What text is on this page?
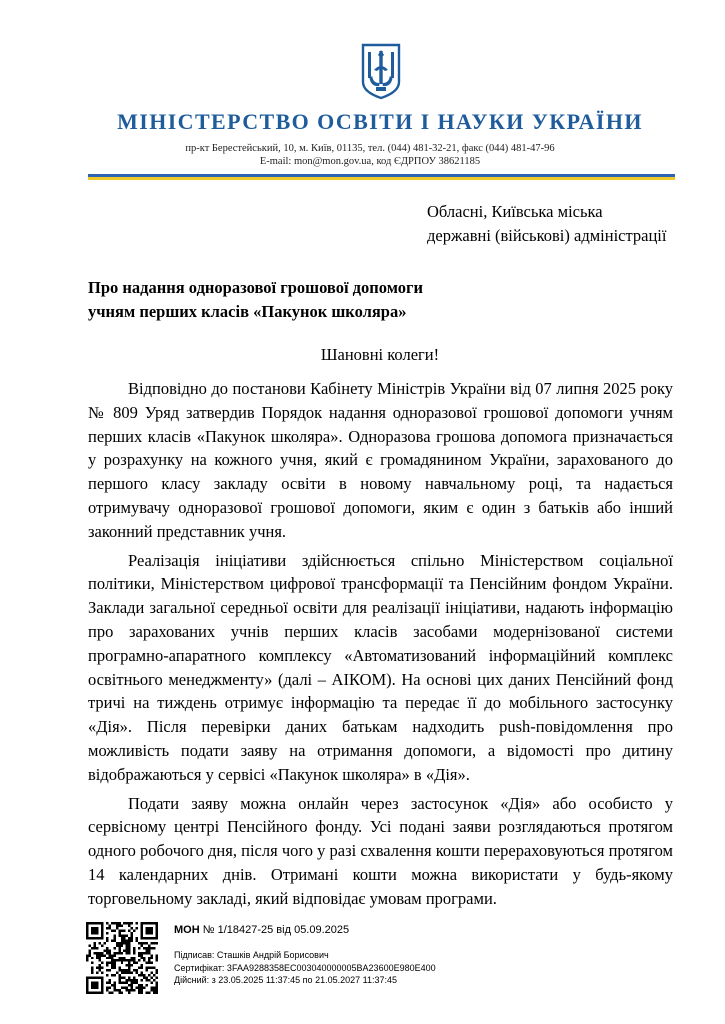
МІНІСТЕРСТВО ОСВІТИ І НАУКИ УКРАЇНИ
пр-кт Берестейський, 10, м. Київ, 01135, тел. (044) 481-32-21, факс (044) 481-47-96
E-mail: mon@mon.gov.ua, код ЄДРПОУ 38621185
Обласні, Київська міська
державні (військові) адміністрації
Про надання одноразової грошової допомоги
учням перших класів «Пакунок школяра»
Шановні колеги!

Відповідно до постанови Кабінету Міністрів України від 07 липня 2025 року № 809 Уряд затвердив Порядок надання одноразової грошової допомоги учням перших класів «Пакунок школяра». Одноразова грошова допомога призначається у розрахунку на кожного учня, який є громадянином України, зарахованого до першого класу закладу освіти в новому навчальному році, та надається отримувачу одноразової грошової допомоги, яким є один з батьків або інший законний представник учня.

Реалізація ініціативи здійснюється спільно Міністерством соціальної політики, Міністерством цифрової трансформації та Пенсійним фондом України. Заклади загальної середньої освіти для реалізації ініціативи, надають інформацію про зарахованих учнів перших класів засобами модернізованої системи програмно-апаратного комплексу «Автоматизований інформаційний комплекс освітнього менеджменту» (далі – АІКОМ). На основі цих даних Пенсійний фонд тричі на тиждень отримує інформацію та передає її до мобільного застосунку «Дія». Після перевірки даних батькам надходить push-повідомлення про можливість подати заяву на отримання допомоги, а відомості про дитину відображаються у сервісі «Пакунок школяра» в «Дія».

Подати заяву можна онлайн через застосунок «Дія» або особисто у сервісному центрі Пенсійного фонду. Усі подані заяви розглядаються протягом одного робочого дня, після чого у разі схвалення кошти перераховуються протягом 14 календарних днів. Отримані кошти можна використати у будь-якому торговельному закладі, який відповідає умовам програми.

МОН № 1/18427-25 від 05.09.2025
Підписав: Сташків Андрій Борисович
Сертифікат: 3FAA9288358EC003040000005BA23600E980E400
Дійсний: з 23.05.2025 11:37:45 по 21.05.2027 11:37:45
